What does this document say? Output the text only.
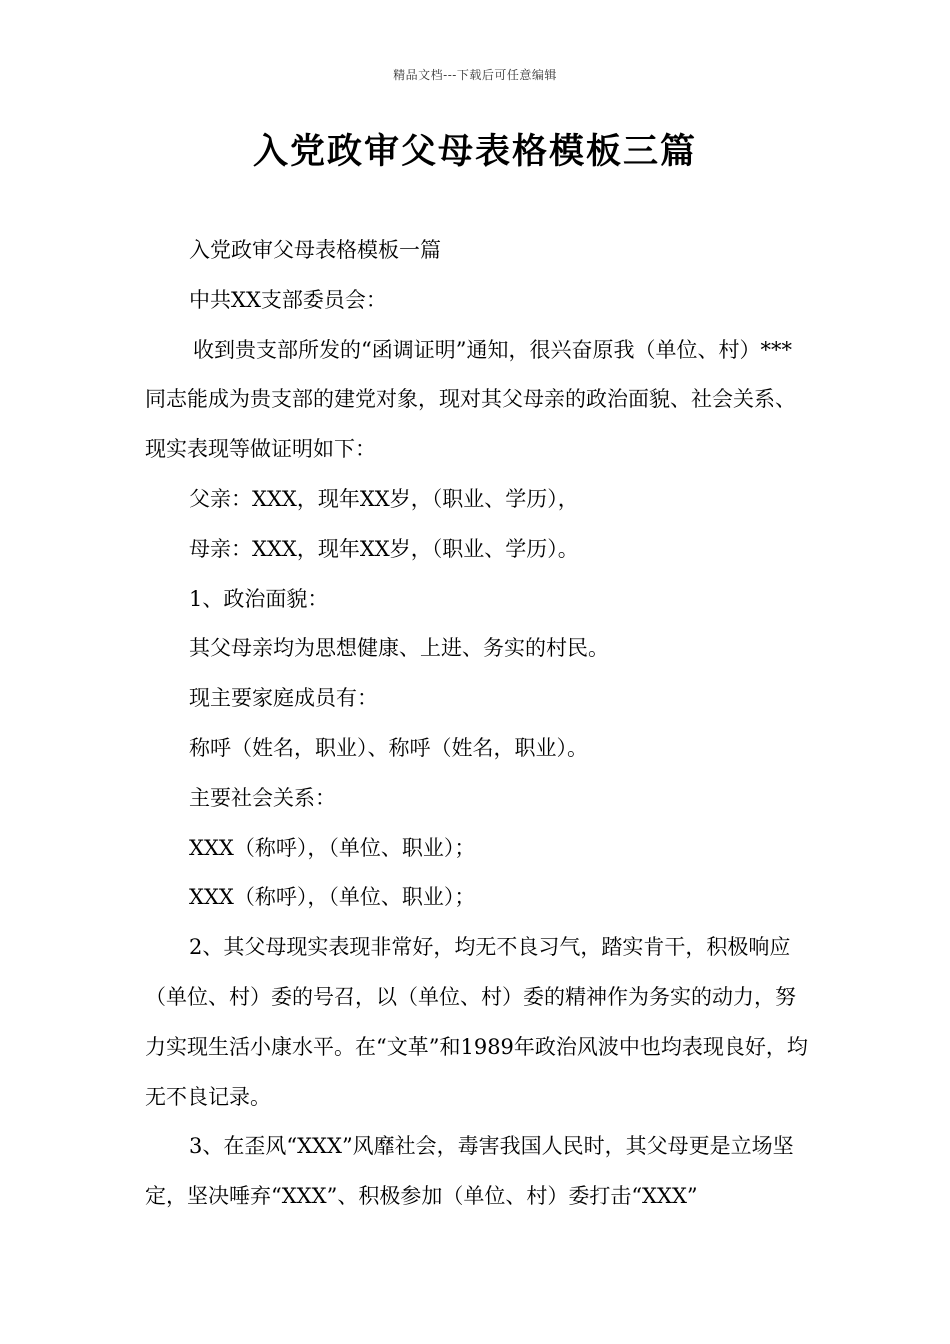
精品文档---下载后可任意编辑
入党政审父母表格模板三篇

入党政审父母表格模板一篇

中共XX支部委员会：

收到贵支部所发的“函调证明”通知，很兴奋原我（单位、村）***同志能成为贵支部的建党对象，现对其父母亲的政治面貌、社会关系、现实表现等做证明如下：

父亲：XXX，现年XX岁，（职业、学历），

母亲：XXX，现年XX岁，（职业、学历）。

1、政治面貌：

其父母亲均为思想健康、上进、务实的村民。

现主要家庭成员有：

称呼（姓名，职业）、称呼（姓名，职业）。

主要社会关系：

XXX（称呼），（单位、职业）；

XXX（称呼），（单位、职业）；

2、其父母现实表现非常好，均无不良习气，踏实肯干，积极响应（单位、村）委的号召，以（单位、村）委的精神作为务实的动力，努力实现生活小康水平。在“文革”和1989年政治风波中也均表现良好，均无不良记录。

3、在歪风“XXX”风靡社会，毒害我国人民时，其父母更是立场坚定，坚决唾弃“XXX”、积极参加（单位、村）委打击“XXX”
